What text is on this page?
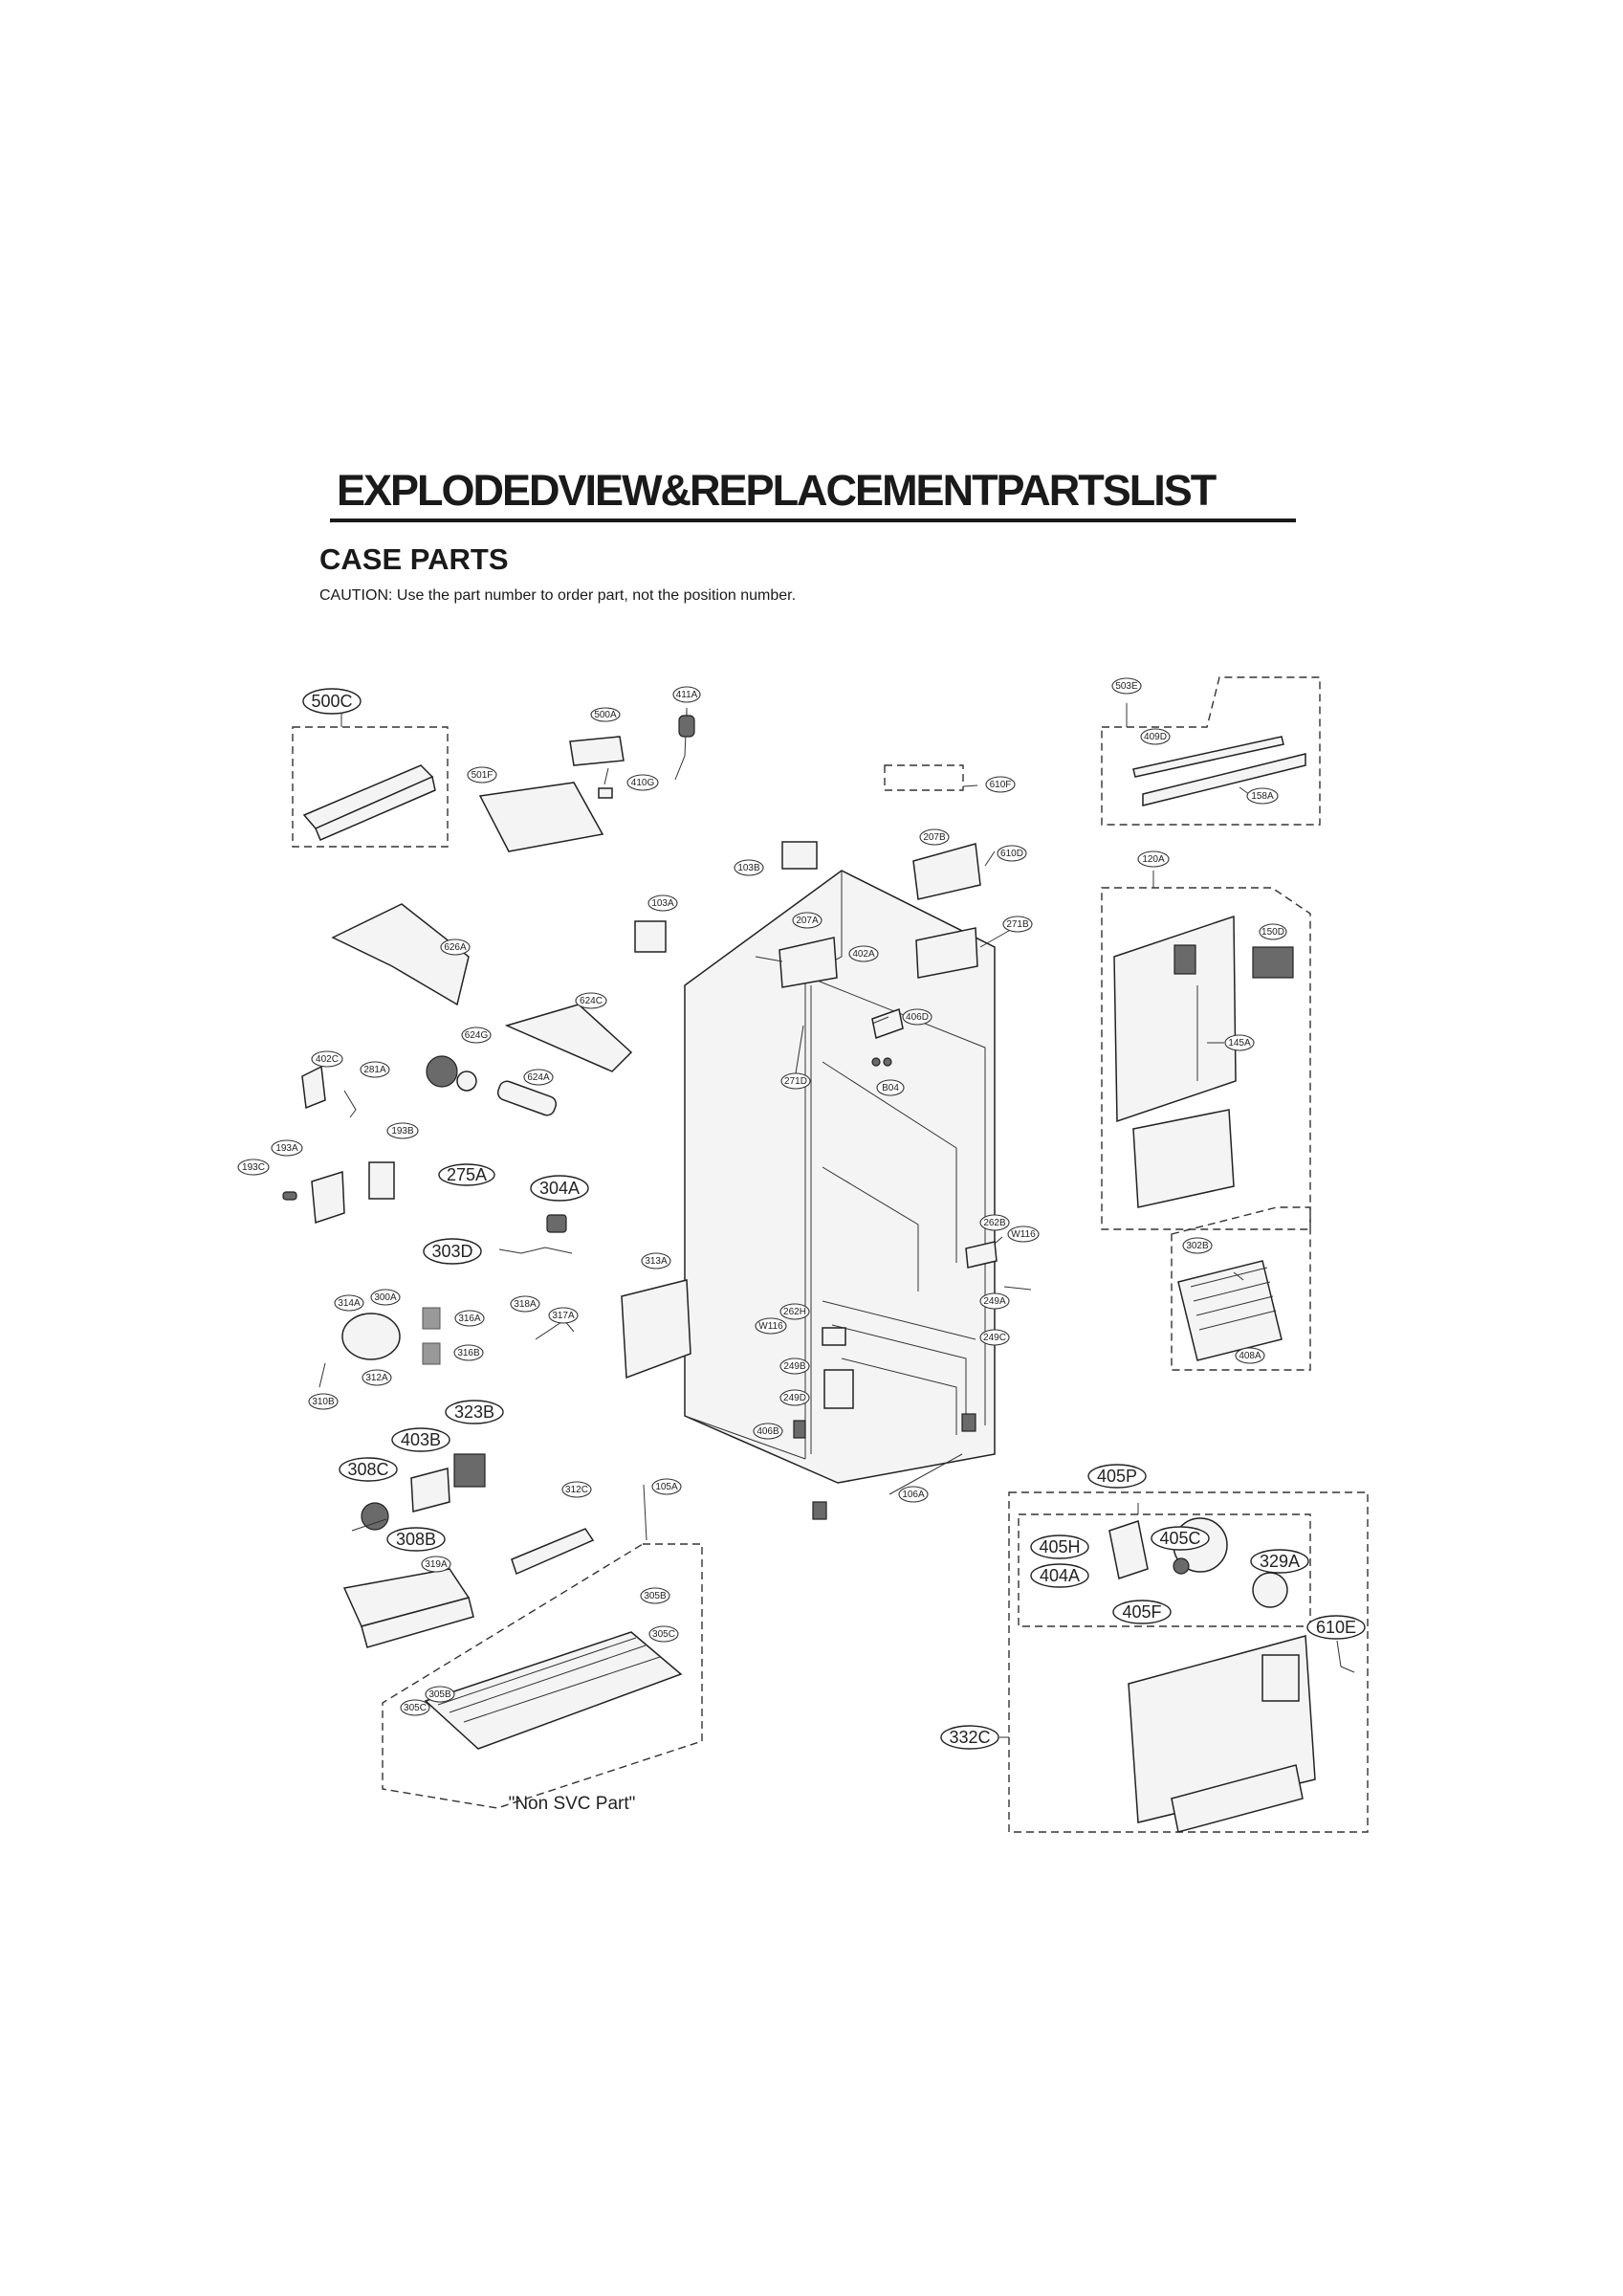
EXPLODEDVIEW&REPLACEMENTPARTSLIST
CASE PARTS

CAUTION: Use the part number to order part, not the position number.

500A
411A
501F
410G
503E
409D
158A
610F
207B
610D
120A
103B
103A
207A	271B
402A
150D
626A
624C
406D
624G
402C
281A
624A	271D
B04
145A
193A
193B
193C
262B
W116
302B
313A
314A
300A
316A
318A
317A	262H
W116
249A
249C
316B
312A
249B
408A
310B	249D
406B
312C	105A
106A
319A
305B
305C
305B
305C
500C
275A
304A
303D
323B
403B
308C	405P
308B	405H	405C
329A
404A
405F
610E
332C
"Non SVC Part"
